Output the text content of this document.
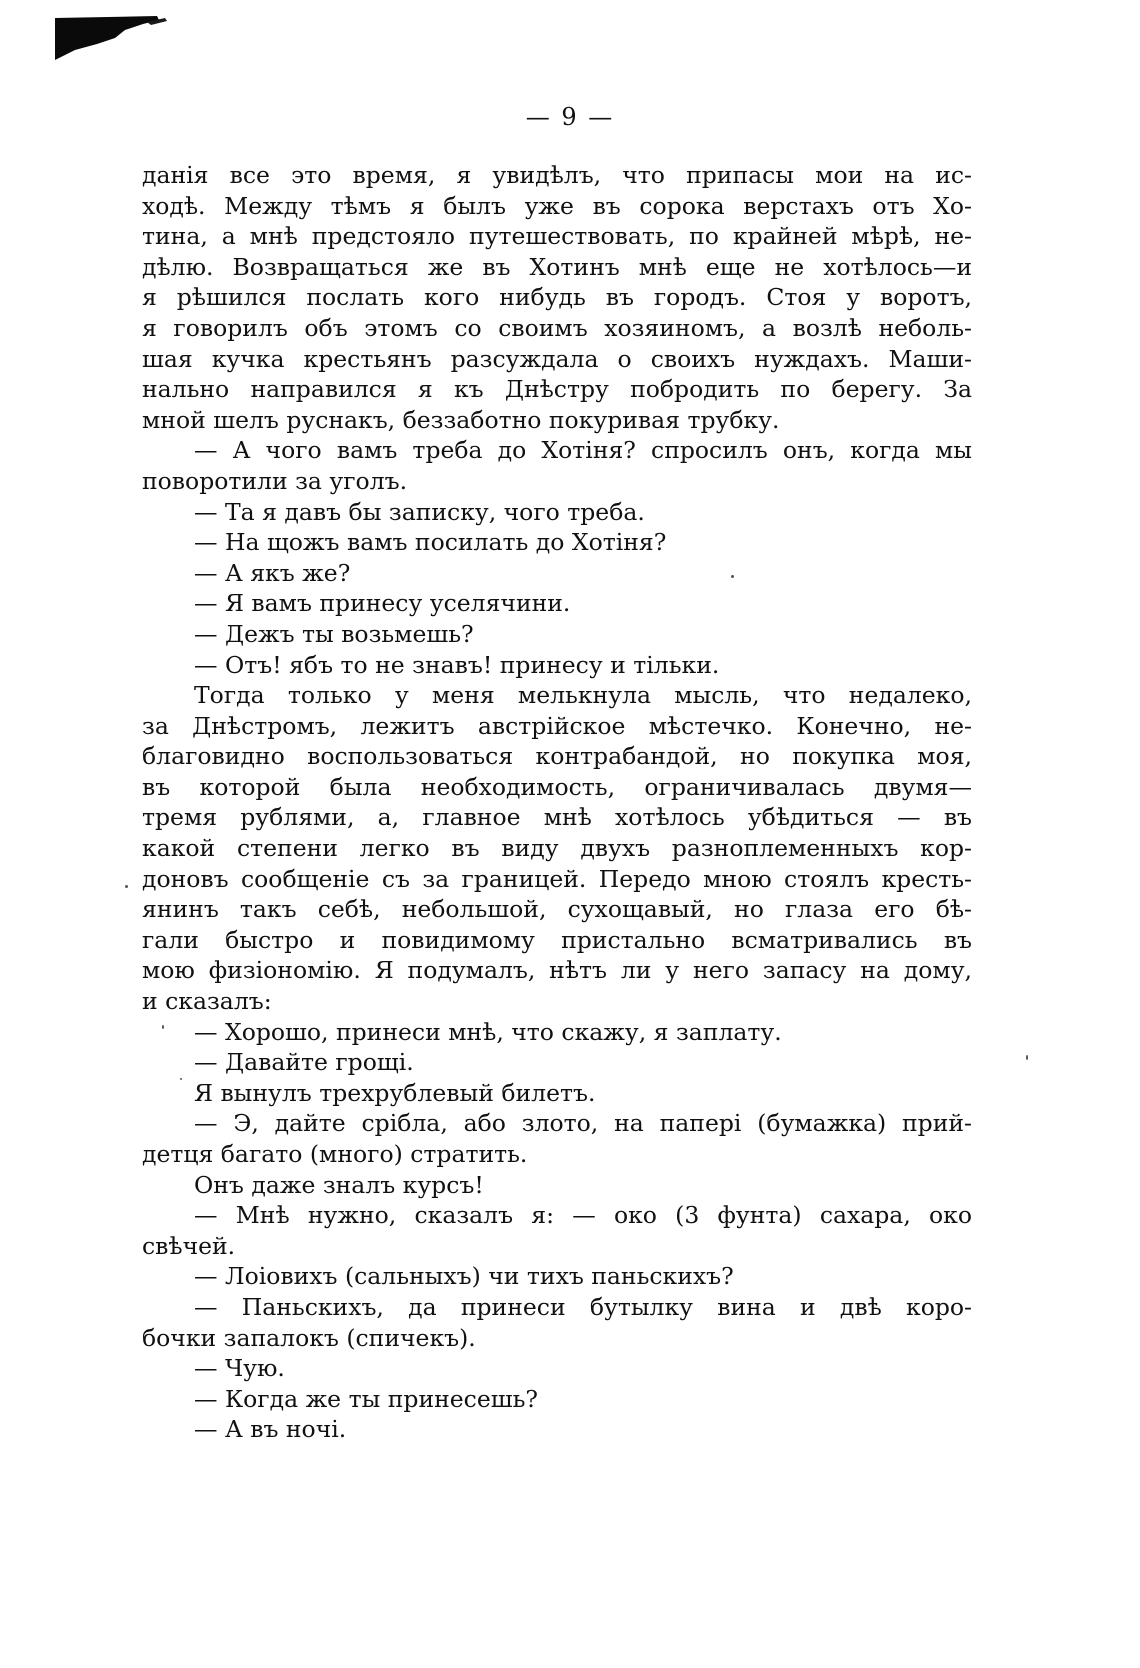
— 9 —
данія все это время, я увидѣлъ, что припасы мои на ис-
ходѣ. Между тѣмъ я былъ уже въ сорока верстахъ отъ Хо-
тина, а мнѣ предстояло путешествовать, по крайней мѣрѣ, не-
дѣлю. Возвращаться же въ Хотинъ мнѣ еще не хотѣлось—и
я рѣшился послать кого нибудь въ городъ. Стоя у воротъ,
я говорилъ объ этомъ со своимъ хозяиномъ, а возлѣ неболь-
шая кучка крестьянъ разсуждала о своихъ нуждахъ. Маши-
нально направился я къ Днѣстру побродить по берегу. За
мной шелъ руснакъ, беззаботно покуривая трубку.
— А чого вамъ треба до Хотіня? спросилъ онъ, когда мы
поворотили за уголъ.
— Та я давъ бы записку, чого треба.
— На щожъ вамъ посилать до Хотіня?
— А якъ же?
— Я вамъ принесу уселячини.
— Дежъ ты возьмешь?
— Отъ! ябъ то не знавъ! принесу и тільки.
Тогда только у меня мелькнула мысль, что недалеко,
за Днѣстромъ, лежитъ австрійское мѣстечко. Конечно, не-
благовидно воспользоваться контрабандой, но покупка моя,
въ которой была необходимость, ограничивалась двумя—
тремя рублями, а, главное мнѣ хотѣлось убѣдиться — въ
какой степени легко въ виду двухъ разноплеменныхъ кор-
доновъ сообщеніе съ за границей. Передо мною стоялъ кресть-
янинъ такъ себѣ, небольшой, сухощавый, но глаза его бѣ-
гали быстро и повидимому пристально всматривались въ
мою физіономію. Я подумалъ, нѣтъ ли у него запасу на дому,
и сказалъ:
— Хорошо, принеси мнѣ, что скажу, я заплату.
— Давайте грощі.
Я вынулъ трехрублевый билетъ.
— Э, дайте срібла, або злото, на папері (бумажка) прий-
детця багато (много) стратить.
Онъ даже зналъ курсъ!
— Мнѣ нужно, сказалъ я: — око (3 фунта) сахара, око
свѣчей.
— Лоіовихъ (сальныхъ) чи тихъ паньскихъ?
— Паньскихъ, да принеси бутылку вина и двѣ коро-
бочки запалокъ (спичекъ).
— Чую.
— Когда же ты принесешь?
— А въ ночі.
